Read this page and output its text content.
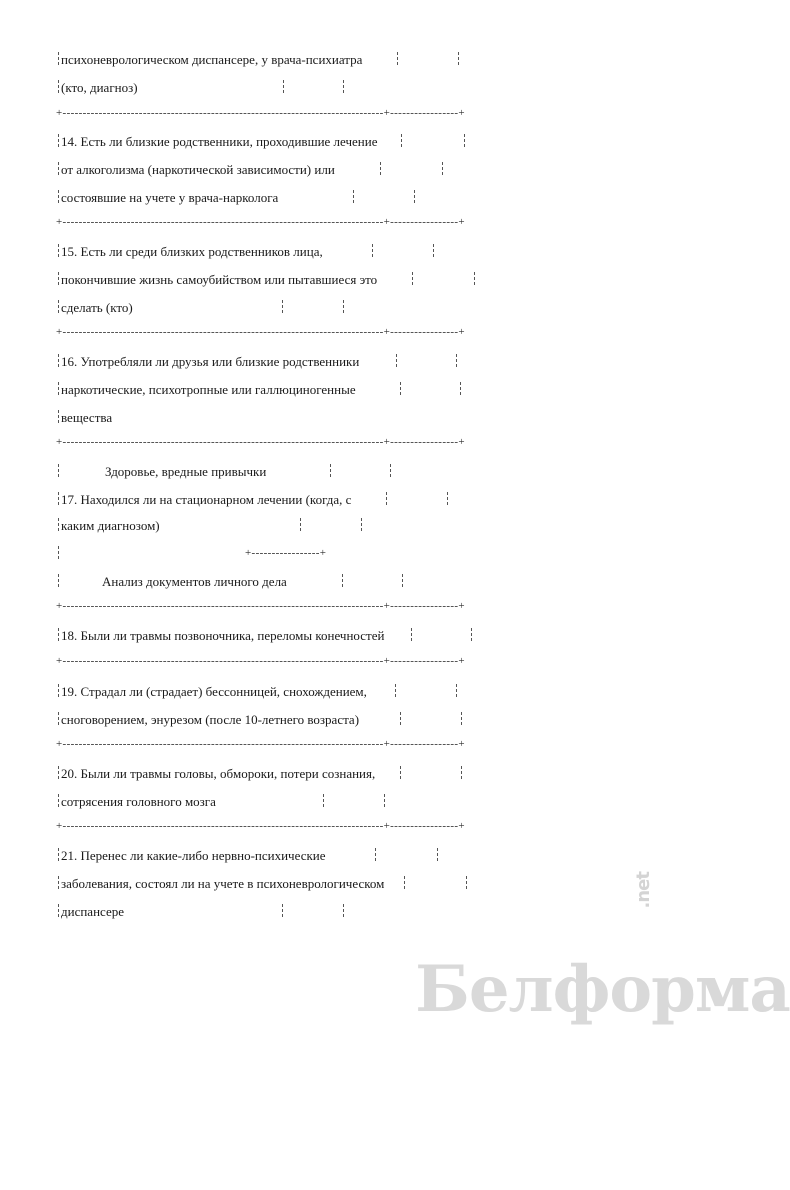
психоневрологическом диспансере, у врача-психиатра
(кто, диагноз)
+--------------------------------------------------------------------------------+-----------------+
14. Есть ли близкие родственники, проходившие лечение
от алкоголизма (наркотической зависимости) или
состоявшие на учете у врача-нарколога
+--------------------------------------------------------------------------------+-----------------+
15. Есть ли среди близких родственников лица,
покончившие жизнь самоубийством или пытавшиеся это
сделать (кто)
+--------------------------------------------------------------------------------+-----------------+
16. Употребляли ли друзья или близкие родственники
наркотические, психотропные или галлюциногенные
вещества
+--------------------------------------------------------------------------------+-----------------+
Здоровье, вредные привычки
17. Находился ли на стационарном лечении (когда, с
каким диагнозом)
+-----------------+
Анализ документов личного дела
+--------------------------------------------------------------------------------+-----------------+
18. Были ли травмы позвоночника, переломы конечностей
+--------------------------------------------------------------------------------+-----------------+
19. Страдал ли (страдает) бессонницей, снохождением,
сноговорением, энурезом (после 10-летнего возраста)
+--------------------------------------------------------------------------------+-----------------+
20. Были ли травмы головы, обмороки, потери сознания,
сотрясения головного мозга
+--------------------------------------------------------------------------------+-----------------+
21. Перенес ли какие-либо нервно-психические
заболевания, состоял ли на учете в психоневрологическом
диспансере

Белформа

.net
